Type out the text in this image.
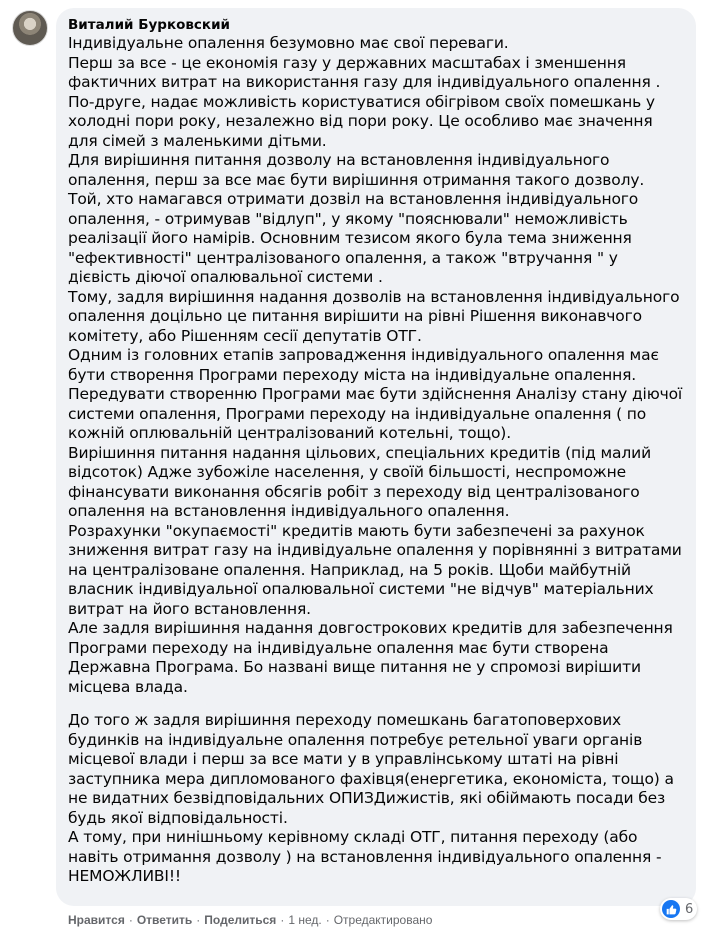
Виталий Бурковский
Індивідуальне опалення безумовно має свої переваги.
Перш за все - це економія газу у державних масштабах і зменшення фактичних витрат на використання газу для індивідуального опалення .
По-друге, надає можливість користуватися обігрівом своїх помешкань у холодні пори року, незалежно від пори року. Це особливо має значення для сімей з маленькими дітьми.
Для вирішиння питання дозволу на встановлення індивідуального опалення, перш за все має бути вирішиння отримання такого дозволу.
Той, хто намагався отримати дозвіл на встановлення індивідуального опалення, - отримував "відлуп", у якому "пояснювали" неможливість реалізації його намірів. Основним тезисом якого була тема зниження "ефективності" централізованого опалення, а також "втручання " у дієвість діючої опалювальної системи .
Тому, задля вирішиння надання дозволів на встановлення індивідуального опалення доцільно це питання вирішити на рівні Рішення виконавчого комітету, або Рішенням сесії депутатів ОТГ.
Одним із головних етапів запровадження індивідуального опалення має бути створення Програми переходу міста на індивідуальне опалення. Передувати створенню Програми має бути здійснення Аналізу стану діючої системи опалення, Програми переходу на індивідуальне опалення ( по кожній оплювальній централізований котельні, тощо).
Вирішиння питання надання цільових, спеціальних кредитів (під малий відсоток) Адже зубожіле населення, у своїй більшості, неспроможне фінансувати виконання обсягів робіт з переходу від централізованого опалення на встановлення індивідуального опалення.
Розрахунки "окупаємості" кредитів мають бути забезпечені за рахунок зниження витрат газу на індивідуальне опалення у порівнянні з витратами на централізоване опалення. Наприклад, на 5 років. Щоби майбутній власник індивідуальної опалювальної системи "не відчув" матеріальних витрат на його встановлення.
Але задля вирішиння надання довгострокових кредитів для забезпечення Програми переходу на індивідуальне опалення має бути створена Державна Програма. Бо названі вище питання не у спромозі вирішити місцева влада.
До того ж задля вирішиння переходу помешкань багатоповерхових будинків на індивідуальне опалення потребує ретельної уваги органів місцевої влади і перш за все мати у в управлінському штаті на рівні заступника мера дипломованого фахівця(енергетика, економіста, тощо) а не видатних безвідповідальних ОПИЗДижистів, які обіймають посади без будь якої відповідальності.
А тому, при нинішньому керівному складі ОТГ, питання переходу (або навіть отримання дозволу ) на встановлення індивідуального опалення - НЕМОЖЛИВІ!!
6
Нравится · Ответить · Поделиться · 1 нед. · Отредактировано
